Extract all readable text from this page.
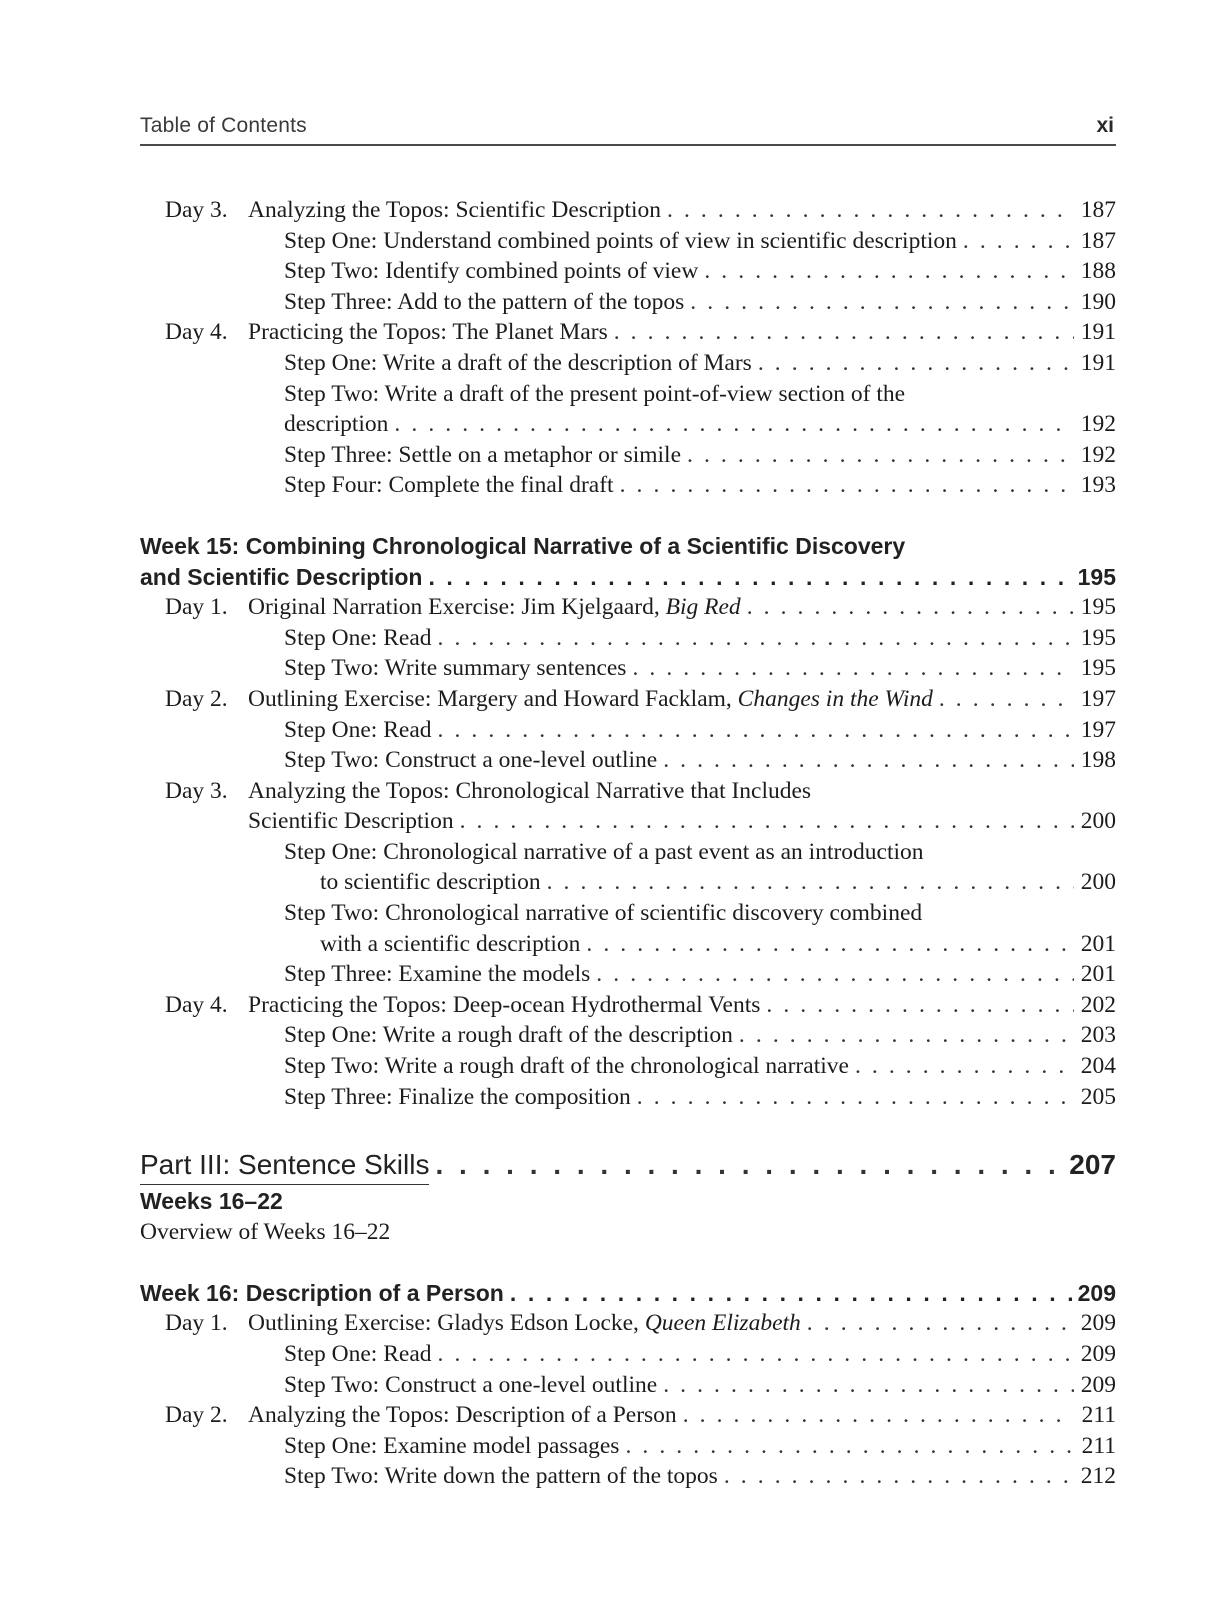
Table of Contents	xi
Day 3. Analyzing the Topos: Scientific Description . . .	187
Step One: Understand combined points of view in scientific description . . .	187
Step Two: Identify combined points of view . . .	188
Step Three: Add to the pattern of the topos . . .	190
Day 4. Practicing the Topos: The Planet Mars . . .	191
Step One: Write a draft of the description of Mars . . .	191
Step Two: Write a draft of the present point-of-view section of the
description . . .	192
Step Three: Settle on a metaphor or simile . . .	192
Step Four: Complete the final draft . . .	193
Week 15: Combining Chronological Narrative of a Scientific Discovery
and Scientific Description . . .	195
Day 1. Original Narration Exercise: Jim Kjelgaard, Big Red . . .	195
Step One: Read . . .	195
Step Two: Write summary sentences . . .	195
Day 2. Outlining Exercise: Margery and Howard Facklam, Changes in the Wind . . .	197
Step One: Read . . .	197
Step Two: Construct a one-level outline . . .	198
Day 3. Analyzing the Topos: Chronological Narrative that Includes
Scientific Description . . .	200
Step One: Chronological narrative of a past event as an introduction
to scientific description . . .	200
Step Two: Chronological narrative of scientific discovery combined
with a scientific description . . .	201
Step Three: Examine the models . . .	201
Day 4. Practicing the Topos: Deep-ocean Hydrothermal Vents . . .	202
Step One: Write a rough draft of the description . . .	203
Step Two: Write a rough draft of the chronological narrative . . .	204
Step Three: Finalize the composition . . .	205
Part III: Sentence Skills . . .	207
Weeks 16–22
Overview of Weeks 16–22
Week 16: Description of a Person . . .	209
Day 1. Outlining Exercise: Gladys Edson Locke, Queen Elizabeth . . .	209
Step One: Read . . .	209
Step Two: Construct a one-level outline . . .	209
Day 2. Analyzing the Topos: Description of a Person . . .	211
Step One: Examine model passages . . .	211
Step Two: Write down the pattern of the topos . . .	212
